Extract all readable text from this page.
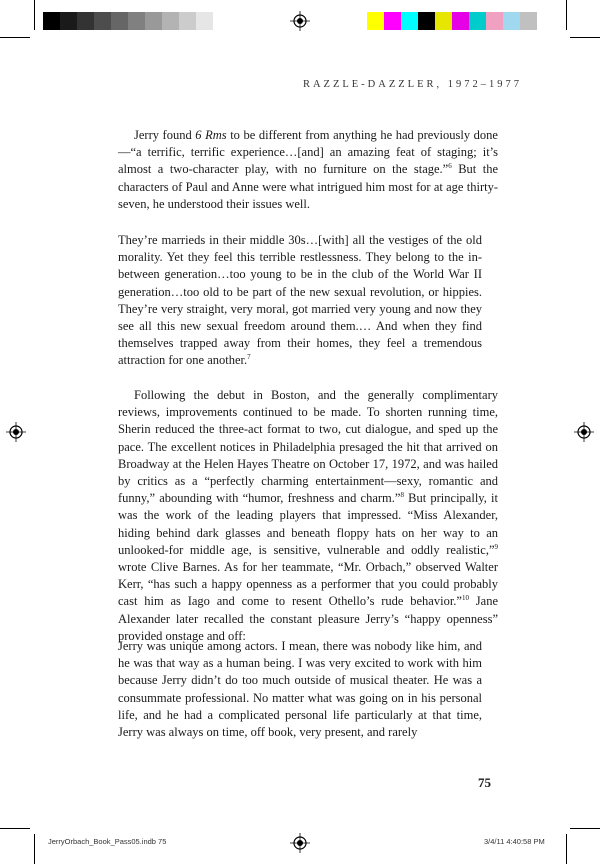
RAZZLE-DAZZLER, 1972–1977

Jerry found 6 Rms to be different from anything he had previously done—“a terrific, terrific experience…[and] an amazing feat of staging; it’s almost a two-character play, with no furniture on the stage.”$^6$ But the characters of Paul and Anne were what intrigued him most for at age thirty-seven, he understood their issues well.

They’re marrieds in their middle 30s…[with] all the vestiges of the old morality. Yet they feel this terrible restlessness. They belong to the in-between generation…too young to be in the club of the World War II generation…too old to be part of the new sexual revolution, or hippies. They’re very straight, very moral, got married very young and now they see all this new sexual freedom around them.… And when they find themselves trapped away from their homes, they feel a tremendous attraction for one another.$^7$

Following the debut in Boston, and the generally complimentary reviews, improvements continued to be made. To shorten running time, Sherin reduced the three-act format to two, cut dialogue, and sped up the pace. The excellent notices in Philadelphia presaged the hit that arrived on Broadway at the Helen Hayes Theatre on October 17, 1972, and was hailed by critics as a “perfectly charming entertainment—sexy, romantic and funny,” abounding with “humor, freshness and charm.”$^8$ But principally, it was the work of the leading players that impressed. “Miss Alexander, hiding behind dark glasses and beneath floppy hats on her way to an unlooked-for middle age, is sensitive, vulnerable and oddly realistic,”$^9$ wrote Clive Barnes. As for her teammate, “Mr. Orbach,” observed Walter Kerr, “has such a happy openness as a performer that you could probably cast him as Iago and come to resent Othello’s rude behavior.”$^{10}$ Jane Alexander later recalled the constant pleasure Jerry’s “happy openness” provided onstage and off:

Jerry was unique among actors. I mean, there was nobody like him, and he was that way as a human being. I was very excited to work with him because Jerry didn’t do too much outside of musical theater. He was a consummate professional. No matter what was going on in his personal life, and he had a complicated personal life particularly at that time, Jerry was always on time, off book, very present, and rarely

75
JerryOrbach_Book_Pass05.indb 75	3/4/11 4:40:58 PM
